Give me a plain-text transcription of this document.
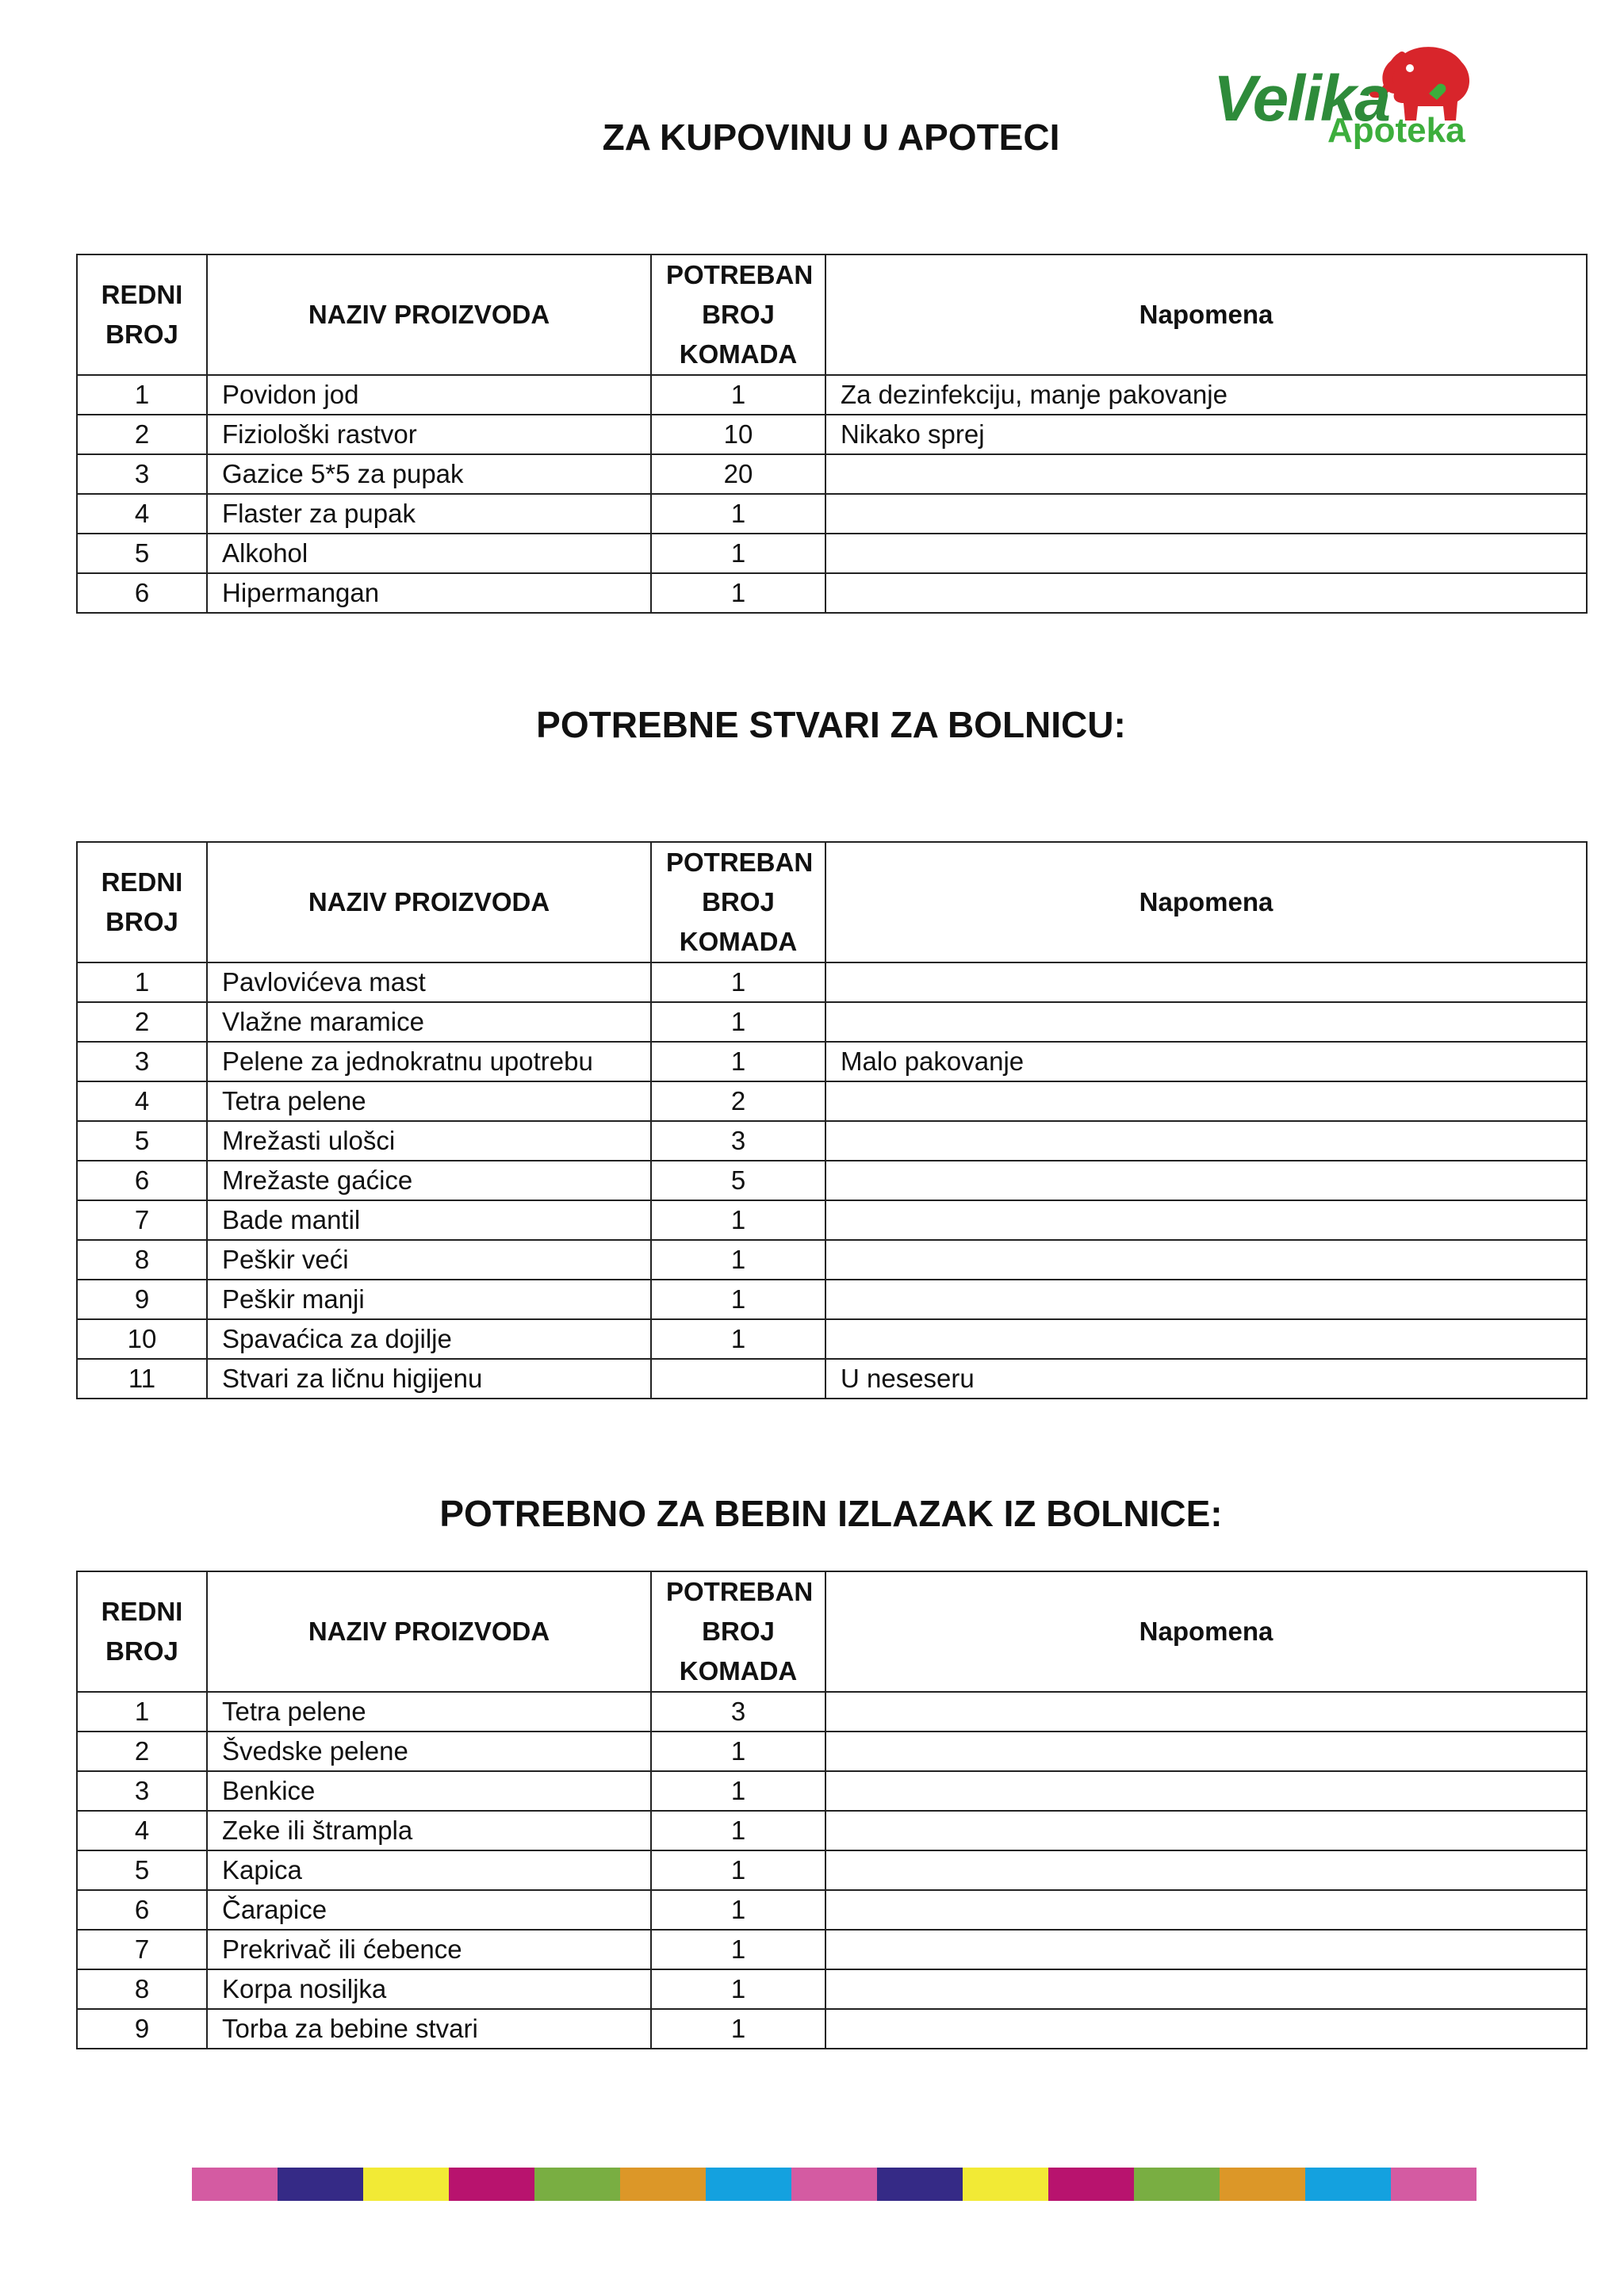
Velika
Apoteka
ZA KUPOVINU U APOTECI
REDNI BROJ	NAZIV PROIZVODA	POTREBAN BROJ KOMADA	Napomena
1	Povidon jod	1	Za dezinfekciju, manje pakovanje
2	Fiziološki rastvor	10	Nikako sprej
3	Gazice 5*5 za pupak	20	
4	Flaster za pupak	1	
5	Alkohol	1	
6	Hipermangan	1	
POTREBNE STVARI ZA BOLNICU:
REDNI BROJ	NAZIV PROIZVODA	POTREBAN BROJ KOMADA	Napomena
1	Pavlovićeva mast	1	
2	Vlažne maramice	1	
3	Pelene za jednokratnu upotrebu	1	Malo pakovanje
4	Tetra pelene	2	
5	Mrežasti ulošci	3	
6	Mrežaste gaćice	5	
7	Bade mantil	1	
8	Peškir veći	1	
9	Peškir manji	1	
10	Spavaćica za dojilje	1	
11	Stvari za ličnu higijenu		U neseseru
POTREBNO ZA BEBIN IZLAZAK IZ BOLNICE:
REDNI BROJ	NAZIV PROIZVODA	POTREBAN BROJ KOMADA	Napomena
1	Tetra pelene	3	
2	Švedske pelene	1	
3	Benkice	1	
4	Zeke ili štrampla	1	
5	Kapica	1	
6	Čarapice	1	
7	Prekrivač ili ćebence	1	
8	Korpa nosiljka	1	
9	Torba za bebine stvari	1	
